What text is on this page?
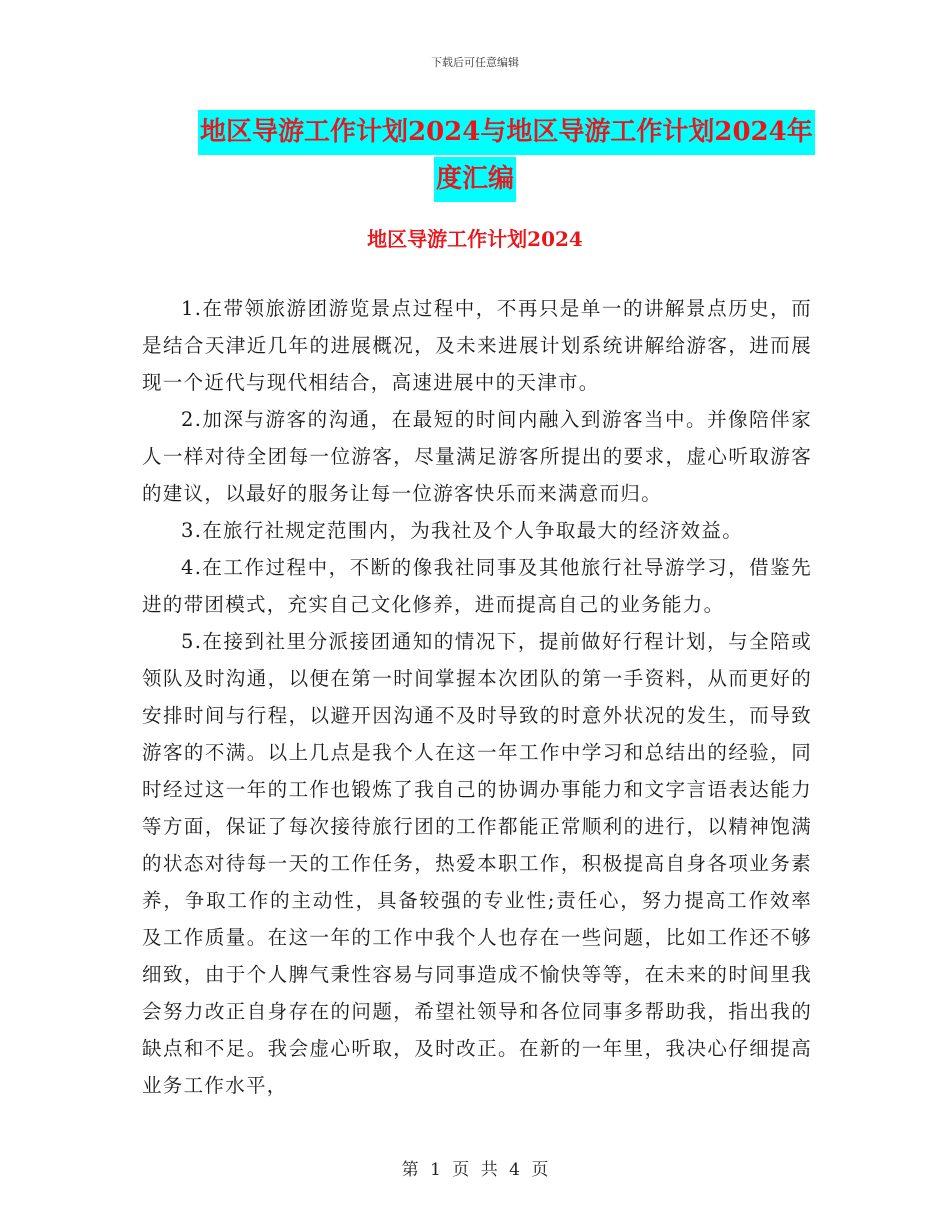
下载后可任意编辑
地区导游工作计划2024与地区导游工作计划2024年
度汇编
地区导游工作计划2024

1.在带领旅游团游览景点过程中，不再只是单一的讲解景点历史，而是结合天津近几年的进展概况，及未来进展计划系统讲解给游客，进而展现一个近代与现代相结合，高速进展中的天津市。

2.加深与游客的沟通，在最短的时间内融入到游客当中。并像陪伴家人一样对待全团每一位游客，尽量满足游客所提出的要求，虚心听取游客的建议，以最好的服务让每一位游客快乐而来满意而归。

3.在旅行社规定范围内，为我社及个人争取最大的经济效益。

4.在工作过程中，不断的像我社同事及其他旅行社导游学习，借鉴先进的带团模式，充实自己文化修养，进而提高自己的业务能力。

5.在接到社里分派接团通知的情况下，提前做好行程计划，与全陪或领队及时沟通，以便在第一时间掌握本次团队的第一手资料，从而更好的安排时间与行程，以避开因沟通不及时导致的时意外状况的发生，而导致游客的不满。以上几点是我个人在这一年工作中学习和总结出的经验，同时经过这一年的工作也锻炼了我自己的协调办事能力和文字言语表达能力等方面，保证了每次接待旅行团的工作都能正常顺利的进行，以精神饱满的状态对待每一天的工作任务，热爱本职工作，积极提高自身各项业务素养，争取工作的主动性，具备较强的专业性;责任心，努力提高工作效率及工作质量。在这一年的工作中我个人也存在一些问题，比如工作还不够细致，由于个人脾气秉性容易与同事造成不愉快等等，在未来的时间里我会努力改正自身存在的问题，希望社领导和各位同事多帮助我，指出我的缺点和不足。我会虚心听取，及时改正。在新的一年里，我决心仔细提高业务工作水平，

第 1 页 共 4 页
